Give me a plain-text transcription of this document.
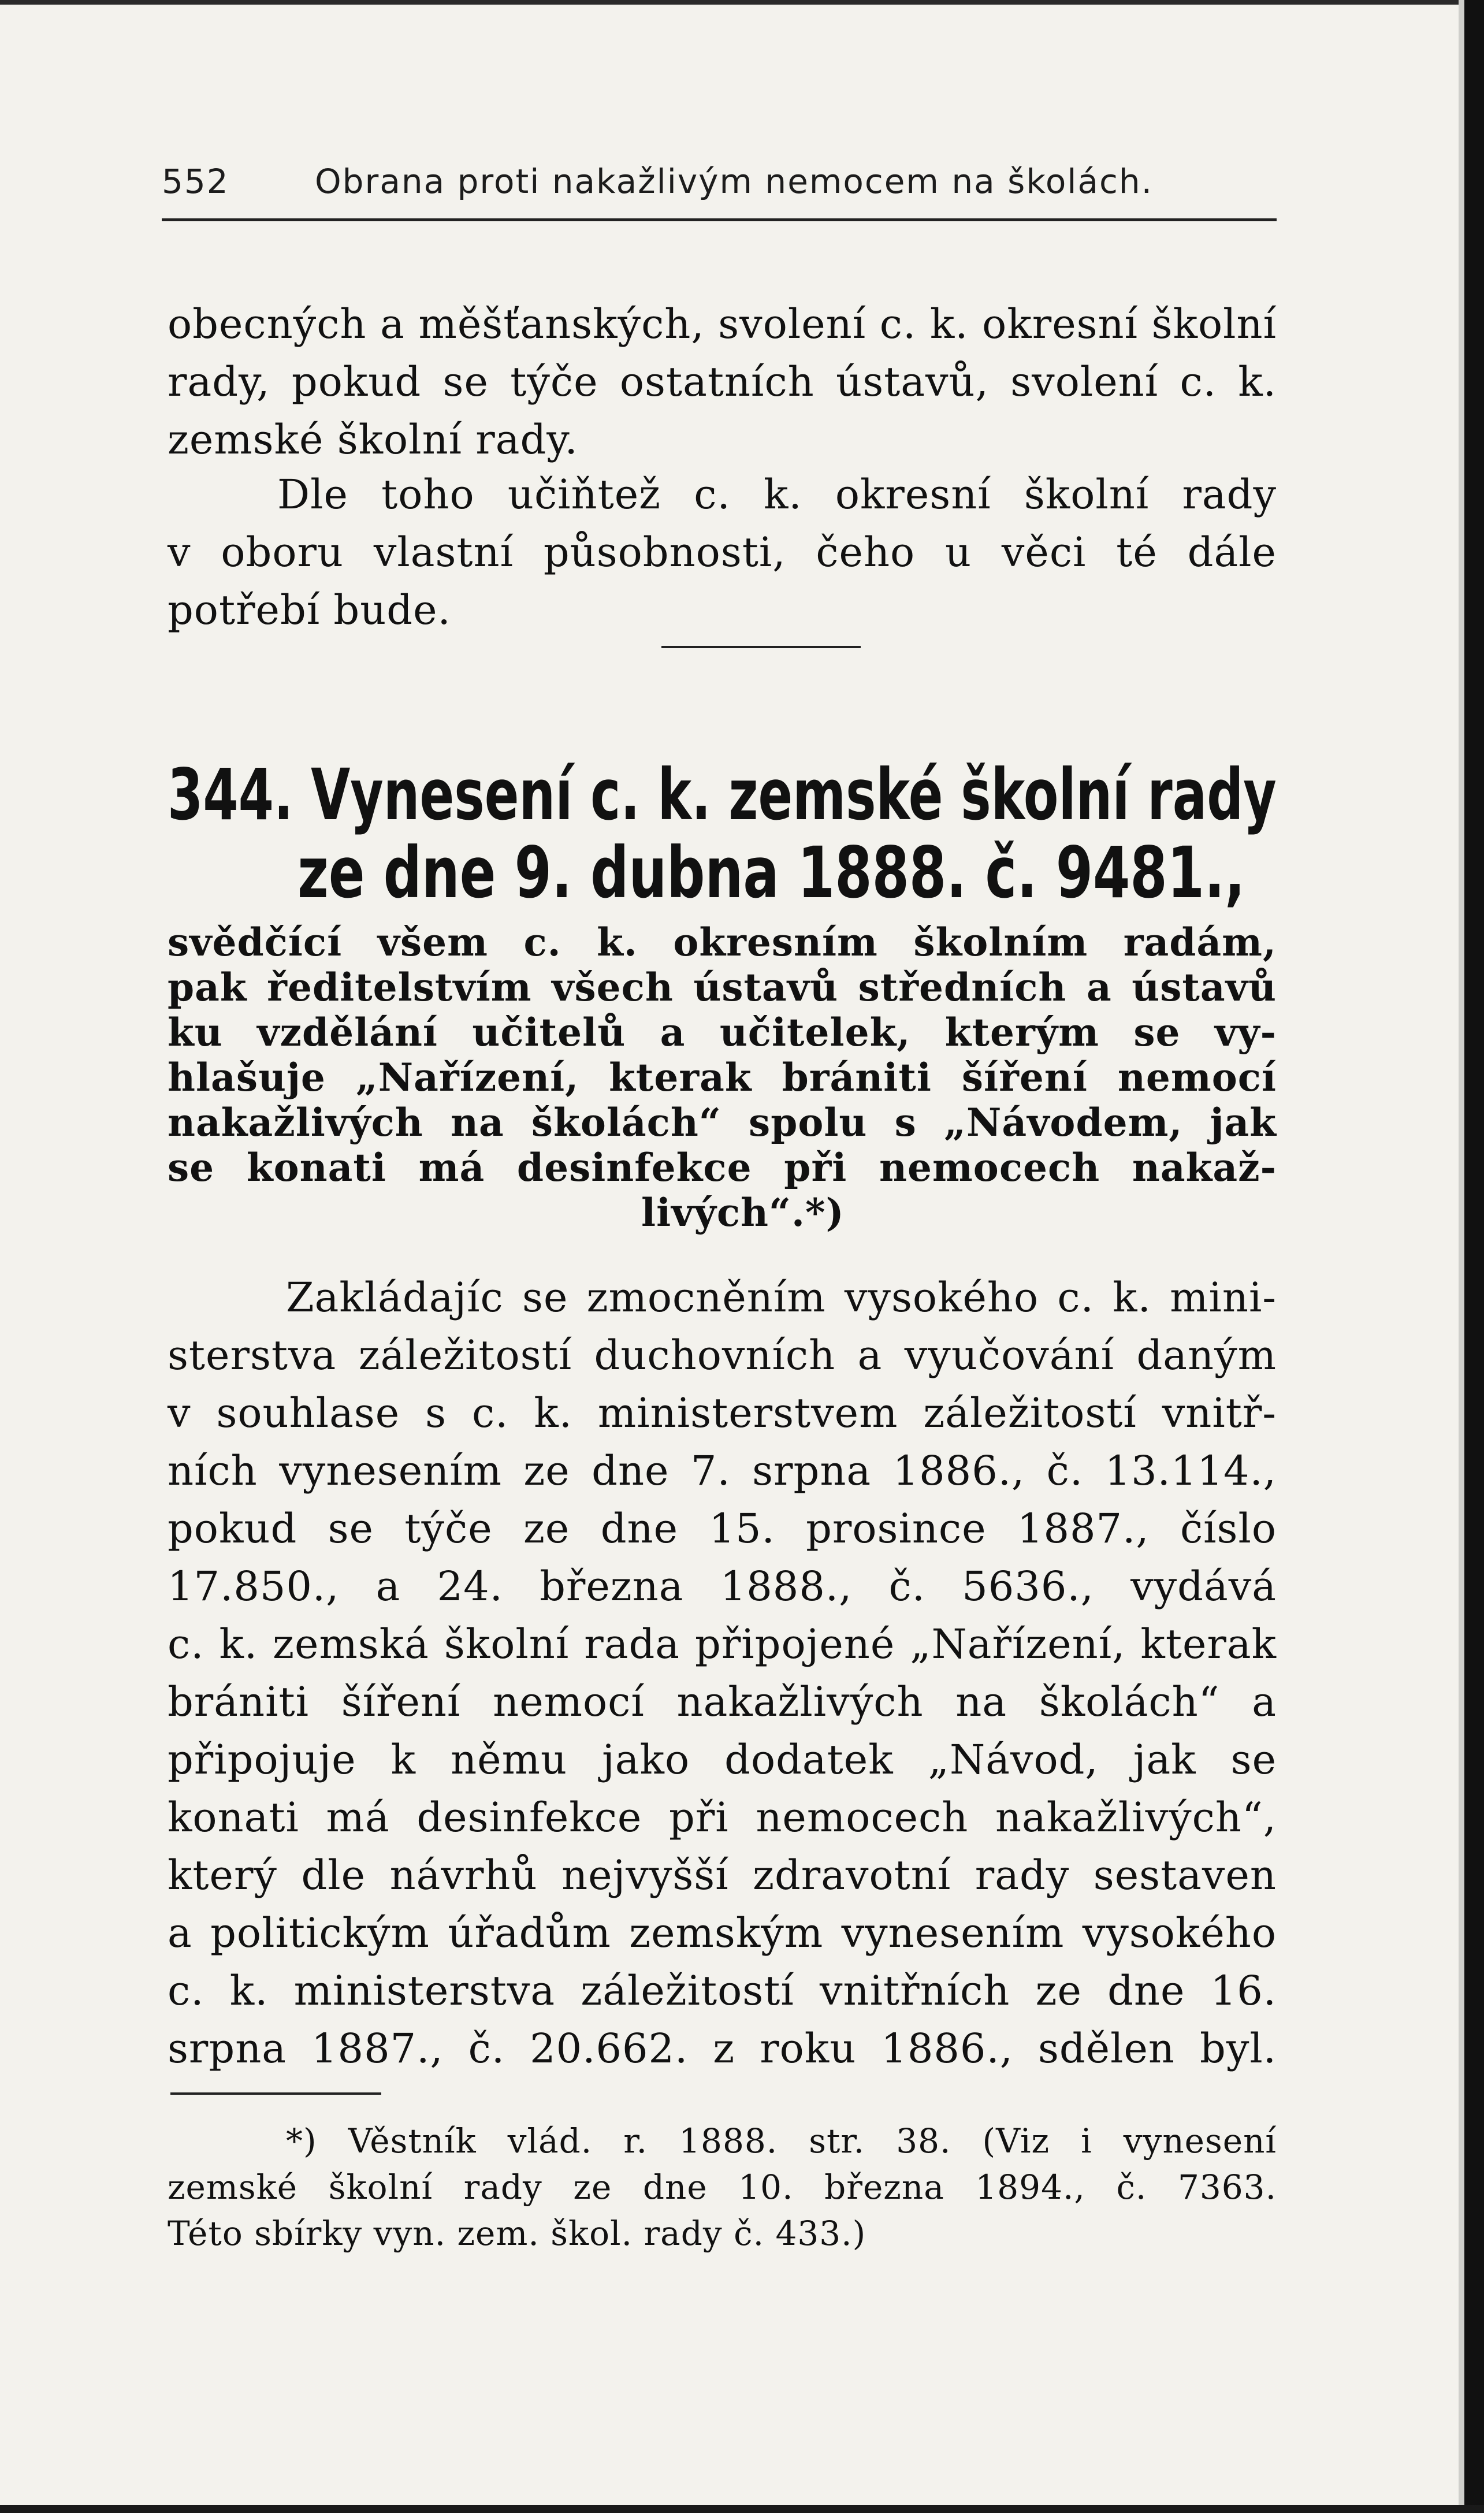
552	Obrana proti nakažlivým nemocem na školách.
obecných a měšťanských, svolení c. k. okresní školní
rady, pokud se týče ostatních ústavů, svolení c. k.
zemské školní rady.
Dle toho učiňtež c. k. okresní školní rady
v oboru vlastní působnosti, čeho u věci té dále
potřebí bude.
344. Vynesení c. k. zemské školní rady
ze dne 9. dubna 1888. č. 9481.,
svědčící všem c. k. okresním školním radám,
pak ředitelstvím všech ústavů středních a ústavů
ku vzdělání učitelů a učitelek, kterým se vy-
hlašuje „Nařízení, kterak brániti šíření nemocí
nakažlivých na školách“ spolu s „Návodem, jak
se konati má desinfekce při nemocech nakaž-
livých“.*)
Zakládajíc se zmocněním vysokého c. k. mini-
sterstva záležitostí duchovních a vyučování daným
v souhlase s c. k. ministerstvem záležitostí vnitř-
ních vynesením ze dne 7. srpna 1886., č. 13.114.,
pokud se týče ze dne 15. prosince 1887., číslo
17.850., a 24. března 1888., č. 5636., vydává
c. k. zemská školní rada připojené „Nařízení, kterak
brániti šíření nemocí nakažlivých na školách“ a
připojuje k němu jako dodatek „Návod, jak se
konati má desinfekce při nemocech nakažlivých“,
který dle návrhů nejvyšší zdravotní rady sestaven
a politickým úřadům zemským vynesením vysokého
c. k. ministerstva záležitostí vnitřních ze dne 16.
srpna 1887., č. 20.662. z roku 1886., sdělen byl.
*) Věstník vlád. r. 1888. str. 38. (Viz i vynesení
zemské školní rady ze dne 10. března 1894., č. 7363.
Této sbírky vyn. zem. škol. rady č. 433.)
